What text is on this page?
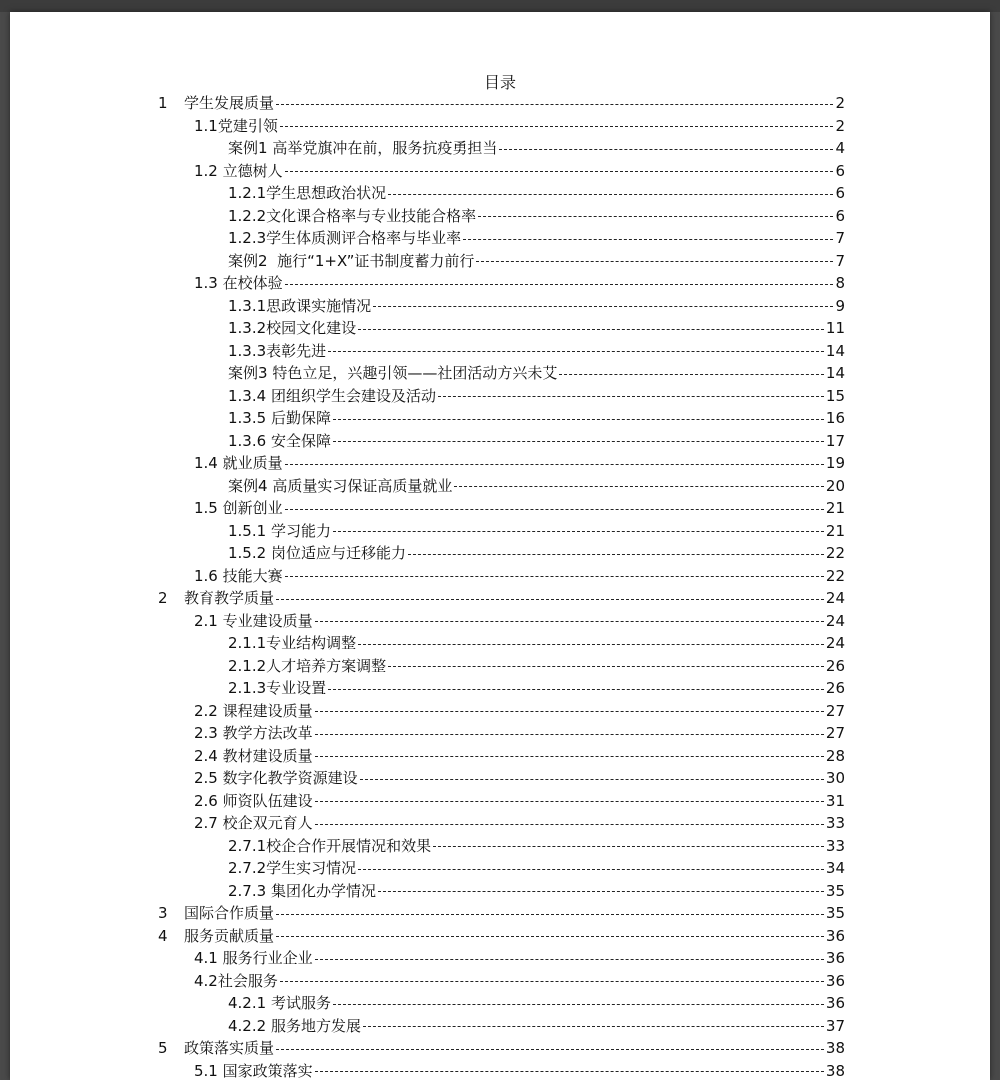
目录
1	学生发展质量	2
1.1 党建引领	2
案例1 高举党旗冲在前，服务抗疫勇担当	4
1.2 立德树人	6
1.2.1 学生思想政治状况	6
1.2.2 文化课合格率与专业技能合格率	6
1.2.3 学生体质测评合格率与毕业率	7
案例2 施行“1+X”证书制度蓄力前行	7
1.3 在校体验	8
1.3.1 思政课实施情况	9
1.3.2 校园文化建设	11
1.3.3 表彰先进	14
案例3 特色立足，兴趣引领——社团活动方兴未艾	14
1.3.4 团组织学生会建设及活动	15
1.3.5 后勤保障	16
1.3.6 安全保障	17
1.4 就业质量	19
案例4 高质量实习保证高质量就业	20
1.5 创新创业	21
1.5.1 学习能力	21
1.5.2 岗位适应与迁移能力	22
1.6 技能大赛	22
2	教育教学质量	24
2.1 专业建设质量	24
2.1.1 专业结构调整	24
2.1.2 人才培养方案调整	26
2.1.3 专业设置	26
2.2 课程建设质量	27
2.3 教学方法改革	27
2.4 教材建设质量	28
2.5 数字化教学资源建设	30
2.6 师资队伍建设	31
2.7 校企双元育人	33
2.7.1 校企合作开展情况和效果	33
2.7.2 学生实习情况	34
2.7.3 集团化办学情况	35
3	国际合作质量	35
4	服务贡献质量	36
4.1 服务行业企业	36
4.2 社会服务	36
4.2.1 考试服务	36
4.2.2 服务地方发展	37
5	政策落实质量	38
5.1 国家政策落实	38
